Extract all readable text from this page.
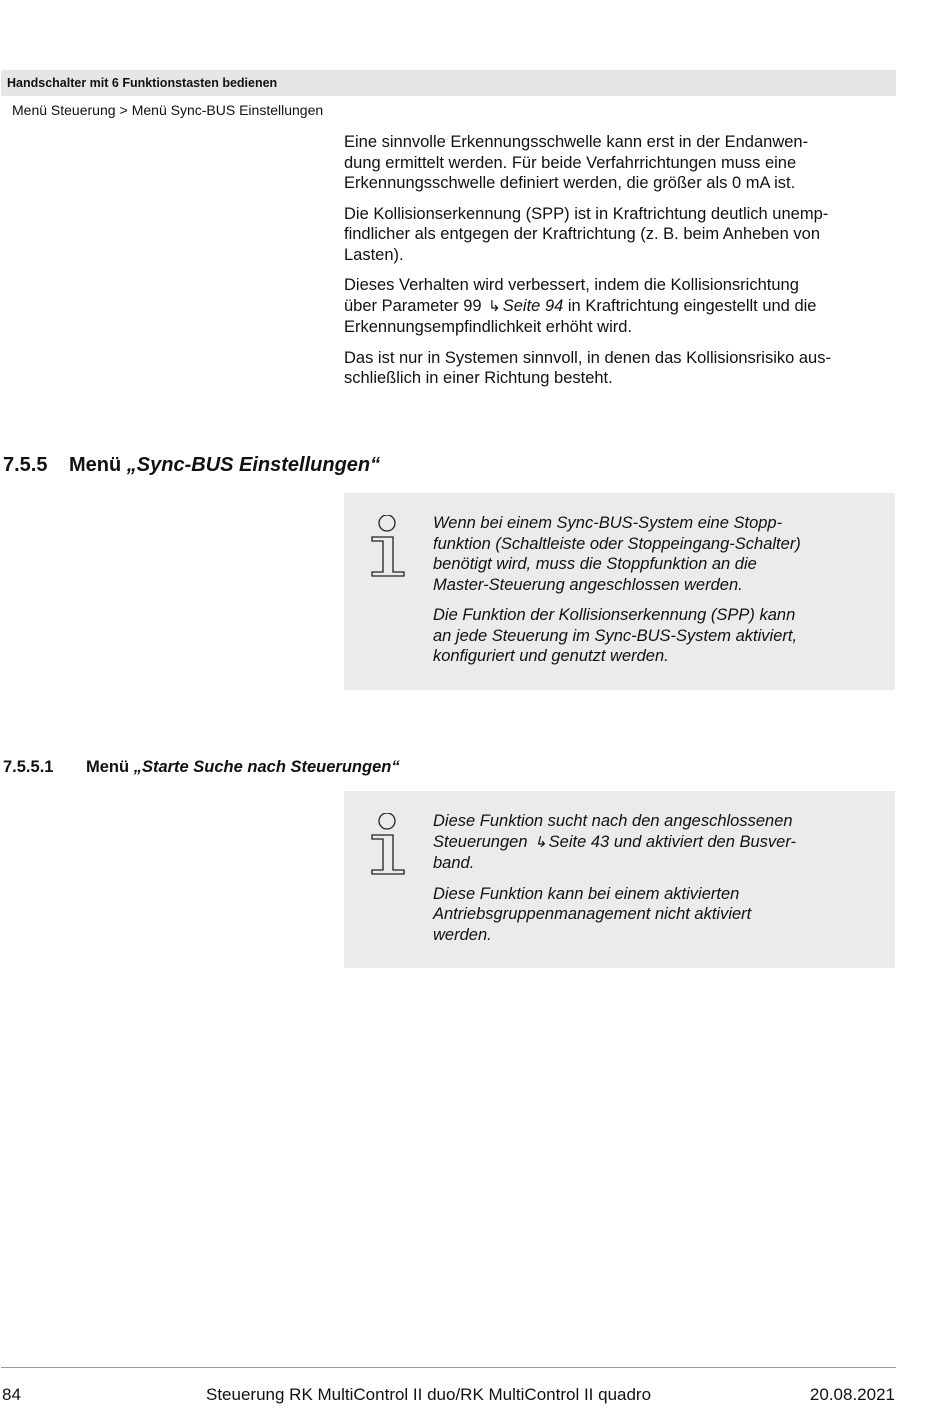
Handschalter mit 6 Funktionstasten bedienen
Menü Steuerung > Menü Sync-BUS Einstellungen

Eine sinnvolle Erkennungsschwelle kann erst in der Endanwen-
dung ermittelt werden. Für beide Verfahrrichtungen muss eine
Erkennungsschwelle definiert werden, die größer als 0 mA ist.

Die Kollisionserkennung (SPP) ist in Kraftrichtung deutlich unemp-
findlicher als entgegen der Kraftrichtung (z. B. beim Anheben von
Lasten).

Dieses Verhalten wird verbessert, indem die Kollisionsrichtung
über Parameter 99 ↳ Seite 94 in Kraftrichtung eingestellt und die
Erkennungsempfindlichkeit erhöht wird.

Das ist nur in Systemen sinnvoll, in denen das Kollisionsrisiko aus-
schließlich in einer Richtung besteht.

7.5.5 Menü „Sync-BUS Einstellungen“

Wenn bei einem Sync-BUS-System eine Stopp-
funktion (Schaltleiste oder Stoppeingang-Schalter)
benötigt wird, muss die Stoppfunktion an die
Master-Steuerung angeschlossen werden.

Die Funktion der Kollisionserkennung (SPP) kann
an jede Steuerung im Sync-BUS-System aktiviert,
konfiguriert und genutzt werden.

7.5.5.1 Menü „Starte Suche nach Steuerungen“

Diese Funktion sucht nach den angeschlossenen
Steuerungen ↳ Seite 43 und aktiviert den Busver-
band.

Diese Funktion kann bei einem aktivierten
Antriebsgruppenmanagement nicht aktiviert
werden.

84	Steuerung RK MultiControl II duo/RK MultiControl II quadro	20.08.2021
